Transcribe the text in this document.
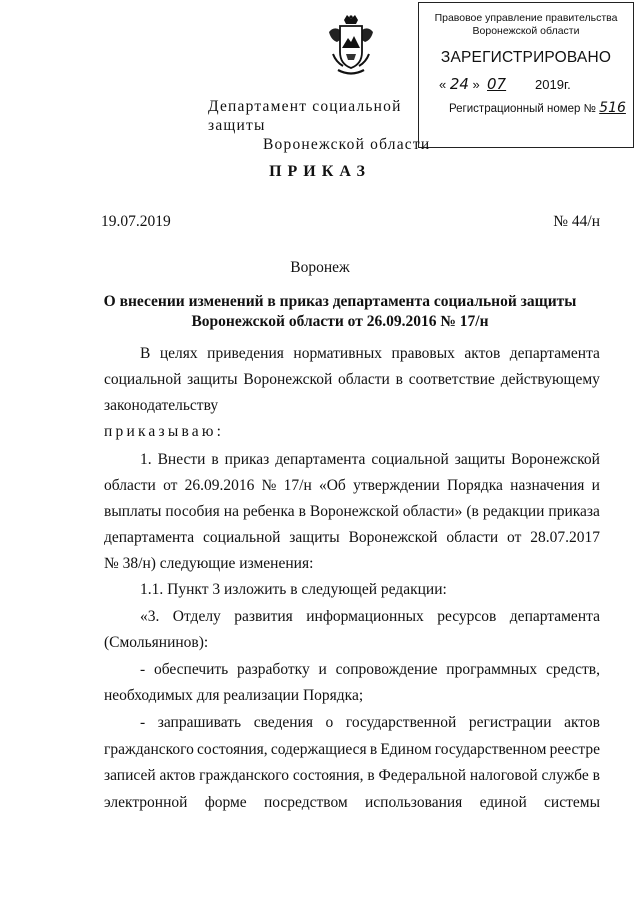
Правовое управление правительства
Воронежской области
ЗАРЕГИСТРИРОВАНО
« 24 »  07 2019г.
Регистрационный номер № 516
Департамент социальной защиты
Воронежской области
ПРИКАЗ
19.07.2019	№ 44/н
Воронеж
О внесении изменений в приказ департамента социальной защиты
Воронежской области от 26.09.2016 № 17/н
В целях приведения нормативных правовых актов департамента
социальной защиты Воронежской области в соответствие действующему
законодательству
приказываю:
1. Внести в приказ департамента социальной защиты Воронежской
области от 26.09.2016 № 17/н «Об утверждении Порядка назначения и
выплаты пособия на ребенка в Воронежской области» (в редакции приказа
департамента социальной защиты Воронежской области от 28.07.2017
№ 38/н) следующие изменения:
1.1. Пункт 3 изложить в следующей редакции:
«3. Отделу развития информационных ресурсов департамента
(Смольянинов):
- обеспечить разработку и сопровождение программных средств,
необходимых для реализации Порядка;
- запрашивать сведения о государственной регистрации актов
гражданского состояния, содержащиеся в Едином государственном реестре
записей актов гражданского состояния, в Федеральной налоговой службе в
электронной форме посредством использования единой системы
